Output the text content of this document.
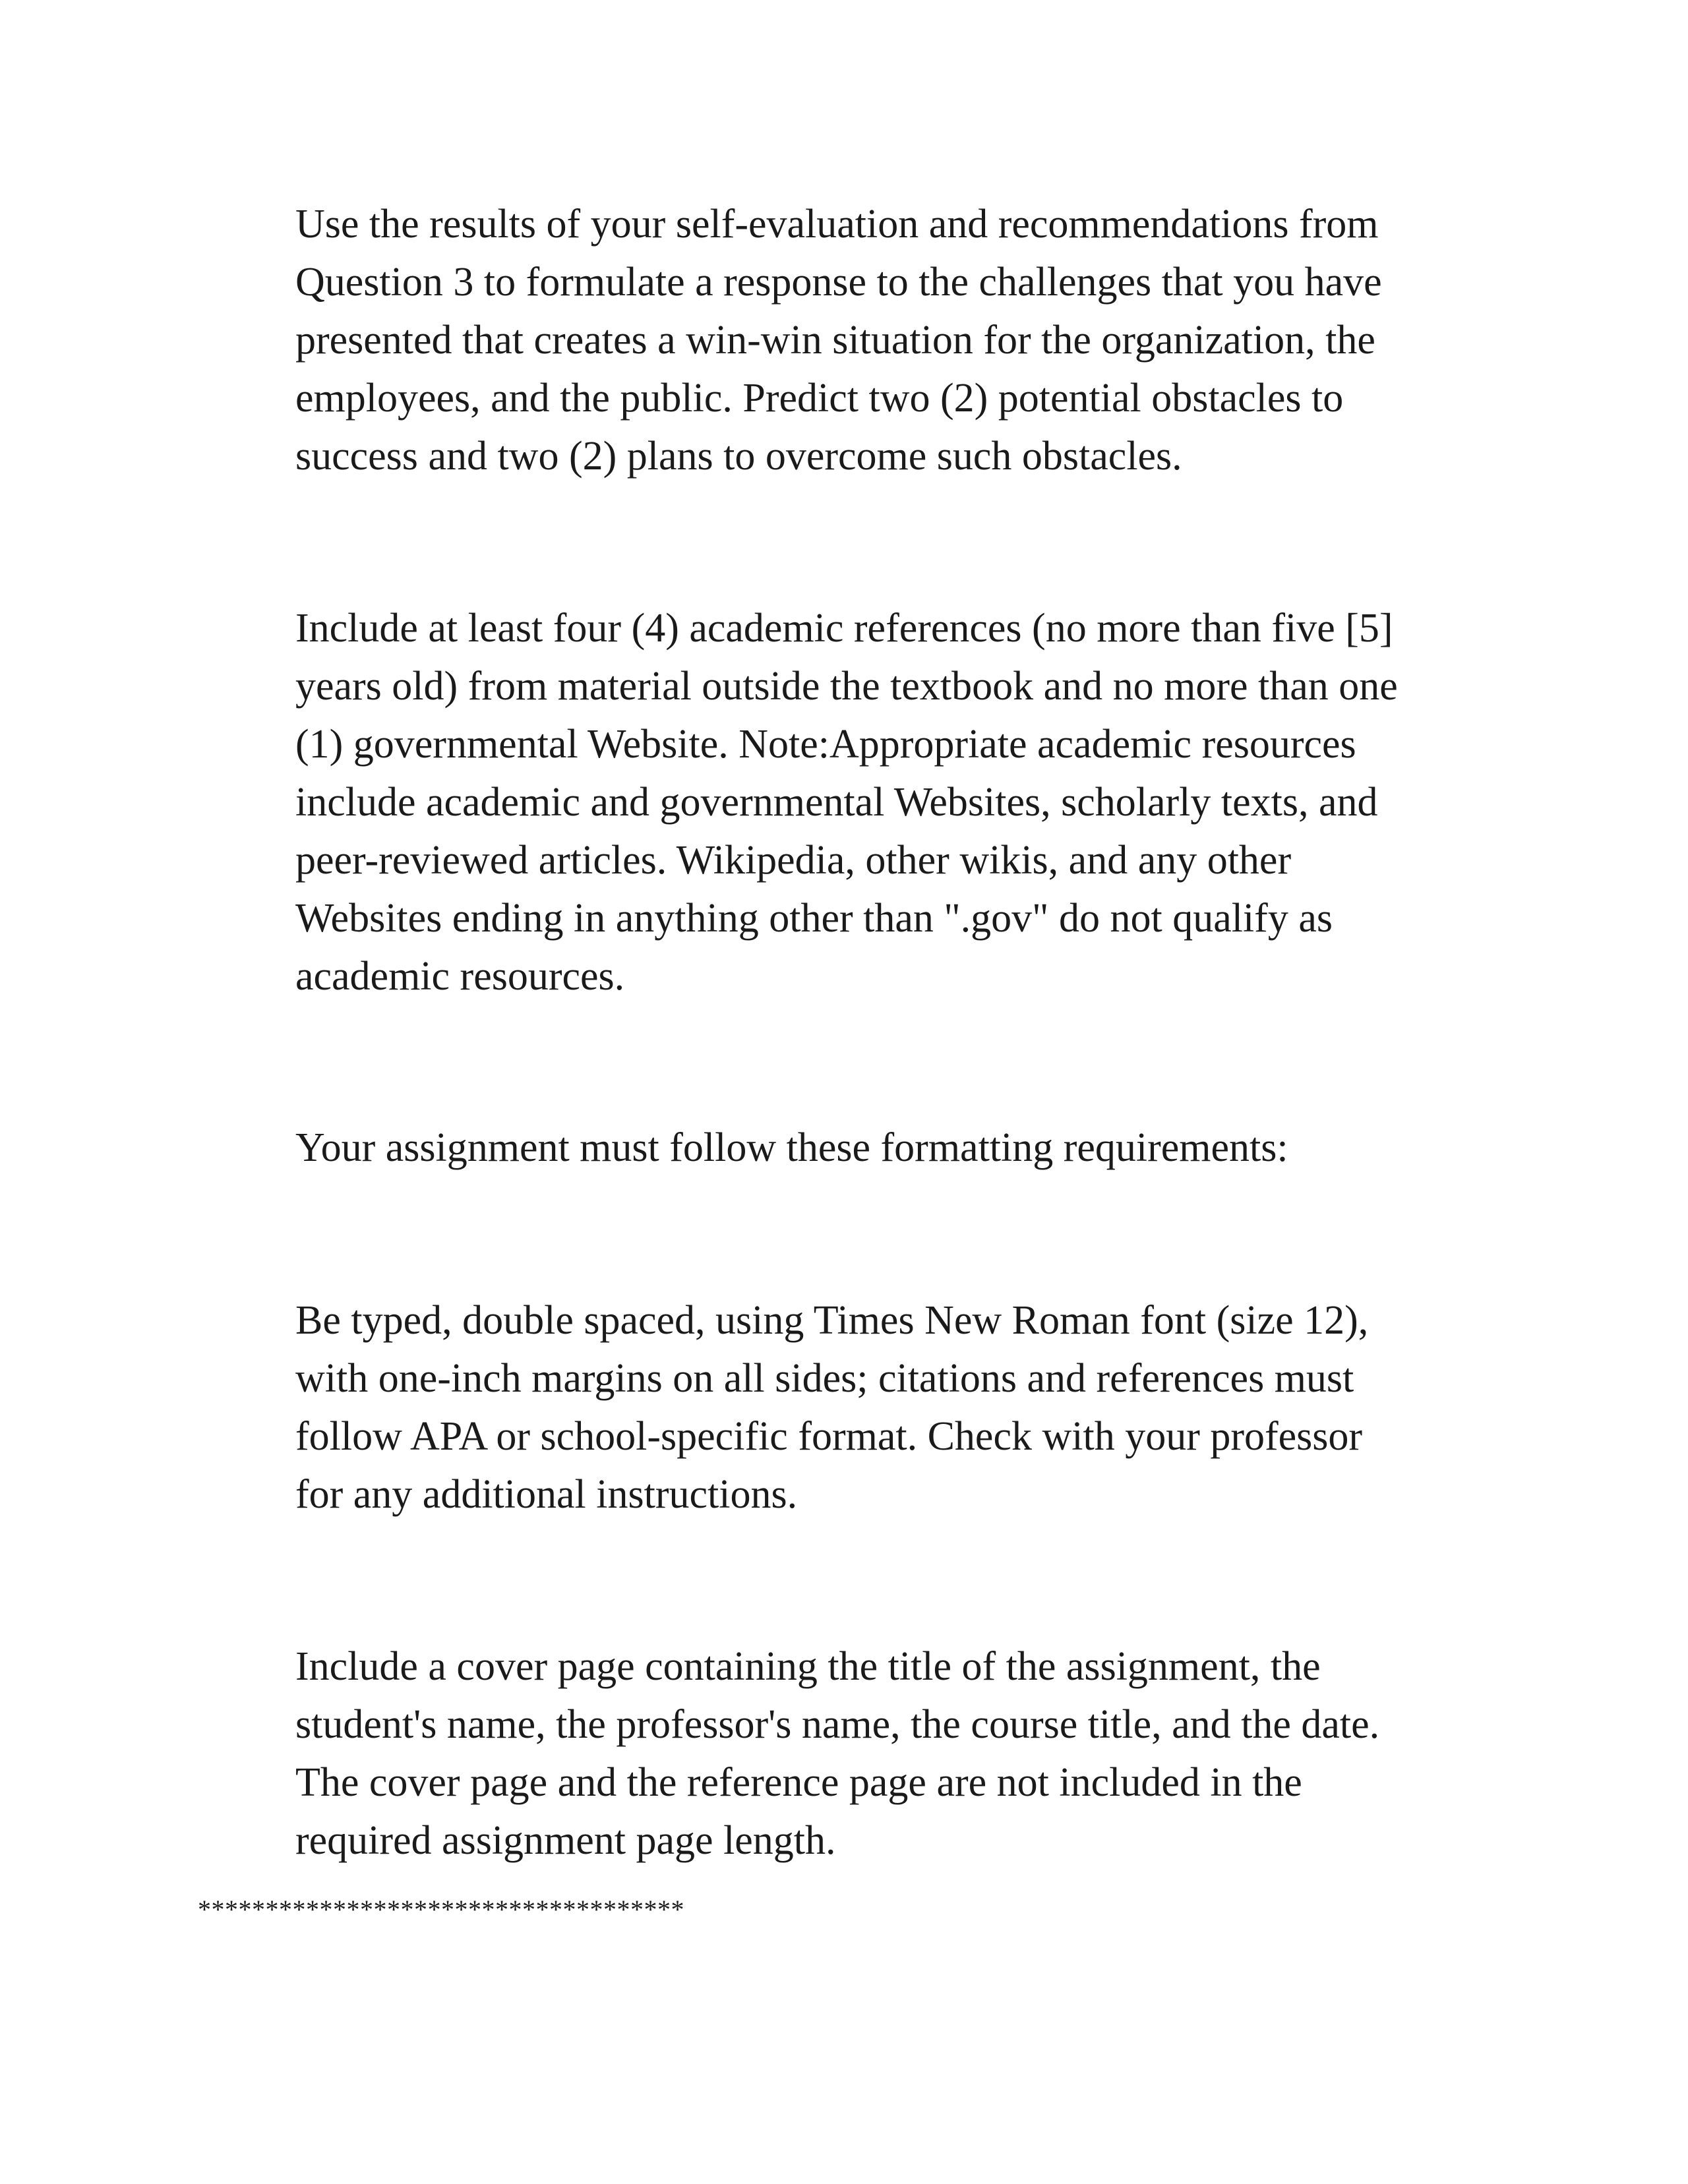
Use the results of your self-evaluation and recommendations from
Question 3 to formulate a response to the challenges that you have
presented that creates a win-win situation for the organization, the
employees, and the public. Predict two (2) potential obstacles to
success and two (2) plans to overcome such obstacles.

Include at least four (4) academic references (no more than five [5]
years old) from material outside the textbook and no more than one
(1) governmental Website. Note:Appropriate academic resources
include academic and governmental Websites, scholarly texts, and
peer-reviewed articles. Wikipedia, other wikis, and any other
Websites ending in anything other than ".gov" do not qualify as
academic resources.

Your assignment must follow these formatting requirements:

Be typed, double spaced, using Times New Roman font (size 12),
with one-inch margins on all sides; citations and references must
follow APA or school-specific format. Check with your professor
for any additional instructions.

Include a cover page containing the title of the assignment, the
student's name, the professor's name, the course title, and the date.
The cover page and the reference page are not included in the
required assignment page length.

************************************
